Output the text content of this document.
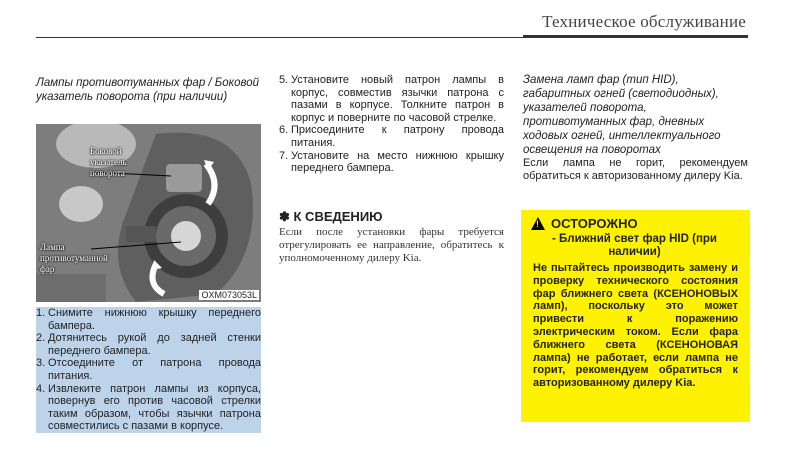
Техническое обслуживание
Лампы противотуманных фар / Боковой указатель поворота (при наличии)
Боковой указатель поворота
Лампа противотуманной фар
OXM073053L
1. Снимите нижнюю крышку переднего бампера.
2. Дотянитесь рукой до задней стенки переднего бампера.
3. Отсоедините от патрона провода питания.
4. Извлеките патрон лампы из корпуса, повернув его против часовой стрелки таким образом, чтобы язычки патрона совместились с пазами в корпусе.
5. Установите новый патрон лампы в корпус, совместив язычки патрона с пазами в корпусе. Толкните патрон в корпус и поверните по часовой стрелке.
6. Присоедините к патрону провода питания.
7. Установите на место нижнюю крышку переднего бампера.
✽ К СВЕДЕНИЮ
Если после установки фары требуется отрегулировать ее направление, обратитесь к уполномоченному дилеру Kia.
Замена ламп фар (тип HID), габаритных огней (светодиодных), указателей поворота, противотуманных фар, дневных ходовых огней, интеллектуального освещения на поворотах
Если лампа не горит, рекомендуем обратиться к авторизованному дилеру Kia.
! ОСТОРОЖНО
- Ближний свет фар HID (при наличии)
Не пытайтесь производить замену и проверку технического состояния фар ближнего света (КСЕНОНОВЫХ ламп), поскольку это может привести к поражению электрическим током. Если фара ближнего света (КСЕНОНОВАЯ лампа) не работает, если лампа не горит, рекомендуем обратиться к авторизованному дилеру Kia.
